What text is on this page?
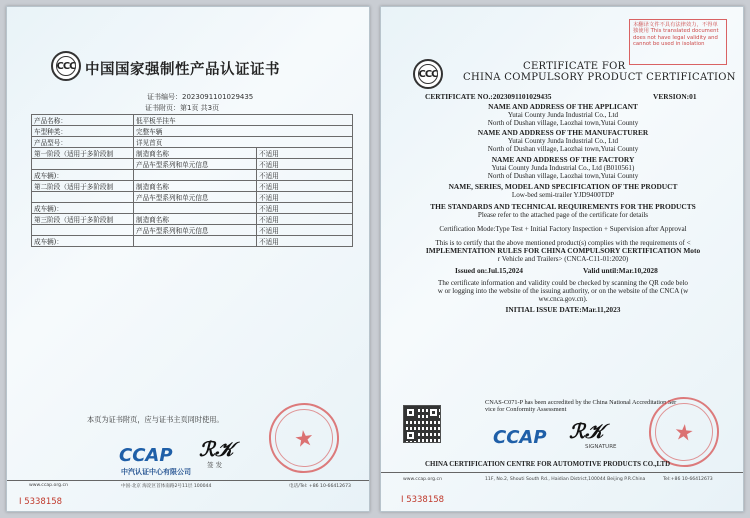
CCC 中国国家强制性产品认证证书
证书编号：2023091101029435
证书附页：第1页 共3页
产品名称：	低平板半挂车	
车型种类：	完整车辆	
产品型号：	详见首页	
第一阶段（适用于多阶段制	制造商名称	不适用
	产品车型系列和单元信息	不适用
成车辆)：		不适用
第二阶段（适用于多阶段制	制造商名称	不适用
	产品车型系列和单元信息	不适用
成车辆)：		不适用
第三阶段（适用于多阶段制	制造商名称	不适用
	产品车型系列和单元信息	不适用
成车辆)：		不适用
本页为证书附页，应与证书主页同时使用。
★
CCAP ℛ𝒦
签 发
中汽认证中心有限公司
www.ccap.org.cn	中国·北京 海淀区首体南路2号11层 100044	电话/Tel: +86 10-66412673
I 5338158
本翻译文件不具有法律效力，不得单独使用 This translated document does not have legal validity and cannot be used in isolation
CCC
CERTIFICATE FOR
CHINA COMPULSORY PRODUCT CERTIFICATION
CERTIFICATE NO.:2023091101029435	VERSION:01
NAME AND ADDRESS OF THE APPLICANT
Yutai County Junda Industrial Co., Ltd
North of Dushan village, Laozhai town,Yutai County
NAME AND ADDRESS OF THE MANUFACTURER
Yutai County Junda Industrial Co., Ltd
North of Dushan village, Laozhai town,Yutai County
NAME AND ADDRESS OF THE FACTORY
Yutai County Junda Industrial Co., Ltd (B010561)
North of Dushan village, Laozhai town,Yutai County
NAME, SERIES, MODEL AND SPECIFICATION OF THE PRODUCT
Low-bed semi-trailer YJD9400TDP
THE STANDARDS AND TECHNICAL REQUIREMENTS FOR THE PRODUCTS
Please refer to the attached page of the certificate for details
Certification Mode:Type Test + Initial Factory Inspection + Supervision after Approval
This is to certify that the above mentioned product(s) complies with the requirements of <
IMPLEMENTATION RULES FOR CHINA COMPULSORY CERTIFICATION Moto
r Vehicle and Trailers> (CNCA-C11-01:2020)
Issued on:Jul.15,2024	Valid until:Mar.10,2028
The certificate information and validity could be checked by scanning the QR code belo
w or logging into the website of the issuing authority, or on the website of the CNCA (w
ww.cnca.gov.cn).
INITIAL ISSUE DATE:Mar.11,2023
CNAS-C071-P has been accredited by the China National Accreditation Ser
vice for Conformity Assessment
CCAP ℛ𝒦
SIGNATURE
★
CHINA CERTIFICATION CENTRE FOR AUTOMOTIVE PRODUCTS CO.,LTD
www.ccap.org.cn	11F, No.2, Shouti South Rd., Haidian District,100044 Beijing P.R.China	Tel:+86 10-66412673
I 5338158
